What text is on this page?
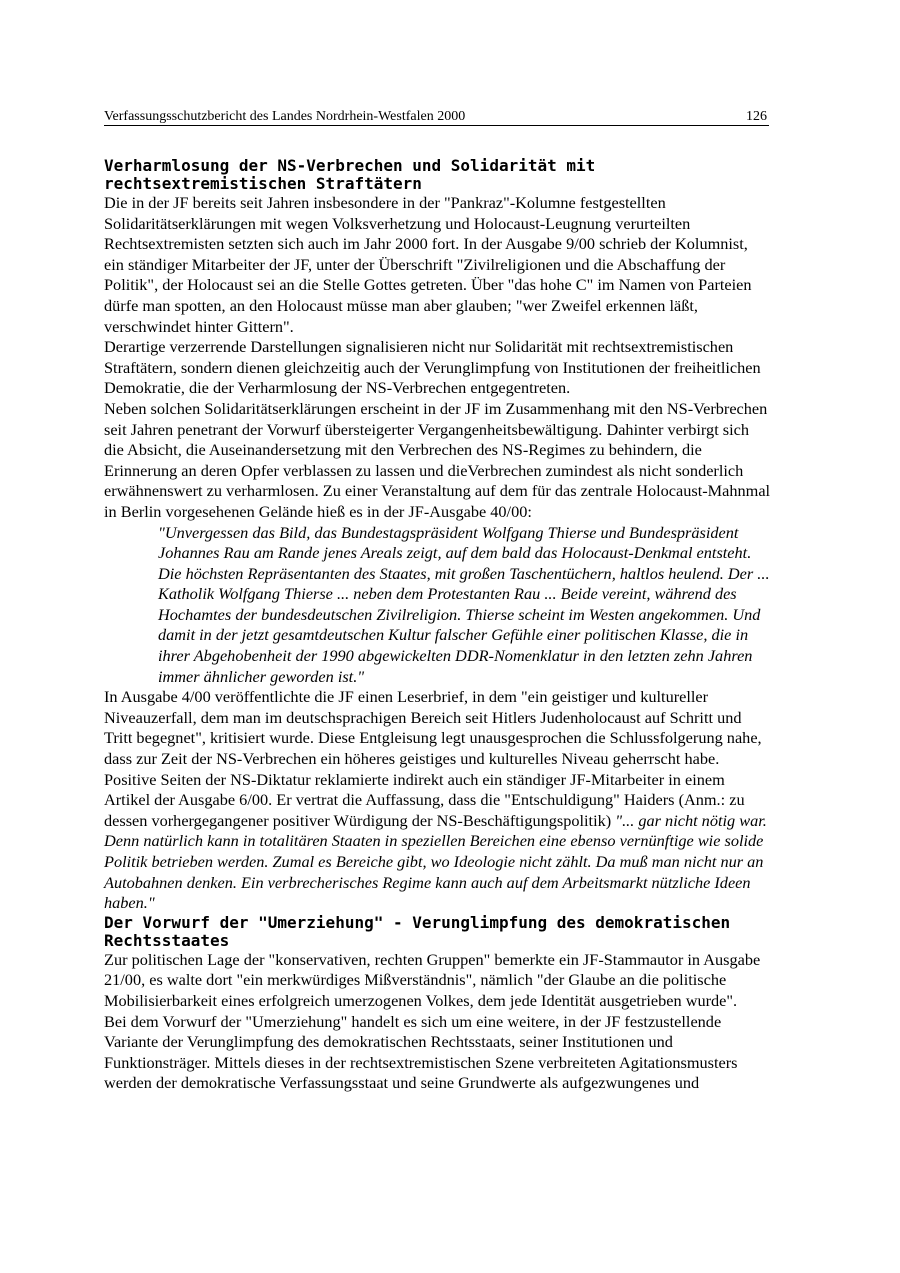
Verfassungsschutzbericht des Landes Nordrhein-Westfalen 2000	126
Verharmlosung der NS-Verbrechen und Solidarität mit rechtsextremistischen Straftätern

Die in der JF bereits seit Jahren insbesondere in der "Pankraz"-Kolumne festgestellten Solidaritätserklärungen mit wegen Volksverhetzung und Holocaust-Leugnung verurteilten Rechtsextremisten setzten sich auch im Jahr 2000 fort. In der Ausgabe 9/00 schrieb der Kolumnist, ein ständiger Mitarbeiter der JF, unter der Überschrift "Zivilreligionen und die Abschaffung der Politik", der Holocaust sei an die Stelle Gottes getreten. Über "das hohe C" im Namen von Parteien dürfe man spotten, an den Holocaust müsse man aber glauben; "wer Zweifel erkennen läßt, verschwindet hinter Gittern".

Derartige verzerrende Darstellungen signalisieren nicht nur Solidarität mit rechtsextremistischen Straftätern, sondern dienen gleichzeitig auch der Verunglimpfung von Institutionen der freiheitlichen Demokratie, die der Verharmlosung der NS-Verbrechen entgegentreten.

Neben solchen Solidaritätserklärungen erscheint in der JF im Zusammenhang mit den NS-Verbrechen seit Jahren penetrant der Vorwurf übersteigerter Vergangenheitsbewältigung. Dahinter verbirgt sich die Absicht, die Auseinandersetzung mit den Verbrechen des NS-Regimes zu behindern, die Erinnerung an deren Opfer verblassen zu lassen und dieVerbrechen zumindest als nicht sonderlich erwähnenswert zu verharmlosen. Zu einer Veranstaltung auf dem für das zentrale Holocaust-Mahnmal in Berlin vorgesehenen Gelände hieß es in der JF-Ausgabe 40/00:

"Unvergessen das Bild, das Bundestagspräsident Wolfgang Thierse und Bundespräsident Johannes Rau am Rande jenes Areals zeigt, auf dem bald das Holocaust-Denkmal entsteht. Die höchsten Repräsentanten des Staates, mit großen Taschentüchern, haltlos heulend. Der ... Katholik Wolfgang Thierse ... neben dem Protestanten Rau ... Beide vereint, während des Hochamtes der bundesdeutschen Zivilreligion. Thierse scheint im Westen angekommen. Und damit in der jetzt gesamtdeutschen Kultur falscher Gefühle einer politischen Klasse, die in ihrer Abgehobenheit der 1990 abgewickelten DDR-Nomenklatur in den letzten zehn Jahren immer ähnlicher geworden ist."

In Ausgabe 4/00 veröffentlichte die JF einen Leserbrief, in dem "ein geistiger und kultureller Niveauzerfall, dem man im deutschsprachigen Bereich seit Hitlers Judenholocaust auf Schritt und Tritt begegnet", kritisiert wurde. Diese Entgleisung legt unausgesprochen die Schlussfolgerung nahe, dass zur Zeit der NS-Verbrechen ein höheres geistiges und kulturelles Niveau geherrscht habe.

Positive Seiten der NS-Diktatur reklamierte indirekt auch ein ständiger JF-Mitarbeiter in einem Artikel der Ausgabe 6/00. Er vertrat die Auffassung, dass die "Entschuldigung" Haiders (Anm.: zu dessen vorhergegangener positiver Würdigung der NS-Beschäftigungspolitik) "... gar nicht nötig war. Denn natürlich kann in totalitären Staaten in speziellen Bereichen eine ebenso vernünftige wie solide Politik betrieben werden. Zumal es Bereiche gibt, wo Ideologie nicht zählt. Da muß man nicht nur an Autobahnen denken. Ein verbrecherisches Regime kann auch auf dem Arbeitsmarkt nützliche Ideen haben."

Der Vorwurf der "Umerziehung" - Verunglimpfung des demokratischen Rechtsstaates

Zur politischen Lage der "konservativen, rechten Gruppen" bemerkte ein JF-Stammautor in Ausgabe 21/00, es walte dort "ein merkwürdiges Mißverständnis", nämlich "der Glaube an die politische Mobilisierbarkeit eines erfolgreich umerzogenen Volkes, dem jede Identität ausgetrieben wurde".

Bei dem Vorwurf der "Umerziehung" handelt es sich um eine weitere, in der JF festzustellende Variante der Verunglimpfung des demokratischen Rechtsstaats, seiner Institutionen und Funktionsträger. Mittels dieses in der rechtsextremistischen Szene verbreiteten Agitationsmusters werden der demokratische Verfassungsstaat und seine Grundwerte als aufgezwungenes und
